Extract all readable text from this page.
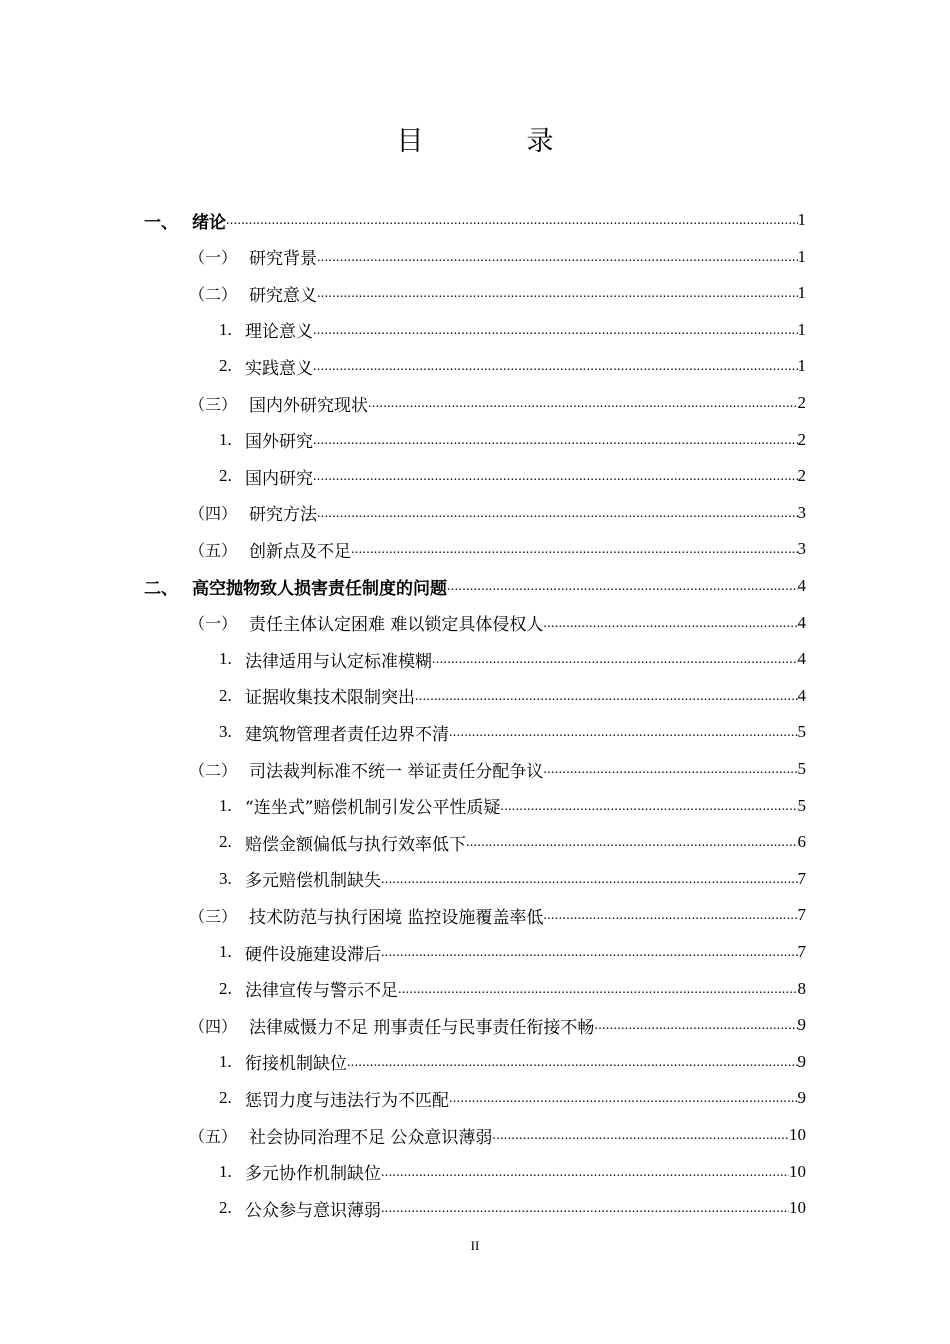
目　录
一、 绪论 .....	1
（一） 研究背景 .....	1
（二） 研究意义 .....	1
1. 理论意义 .....	1
2. 实践意义 .....	1
（三） 国内外研究现状 .....	2
1. 国外研究 .....	2
2. 国内研究 .....	2
（四） 研究方法 .....	3
（五） 创新点及不足 .....	3
二、 高空抛物致人损害责任制度的问题 .....	4
（一） 责任主体认定困难 难以锁定具体侵权人 .....	4
1. 法律适用与认定标准模糊 .....	4
2. 证据收集技术限制突出 .....	4
3. 建筑物管理者责任边界不清 .....	5
（二） 司法裁判标准不统一 举证责任分配争议 .....	5
1. “连坐式”赔偿机制引发公平性质疑 .....	5
2. 赔偿金额偏低与执行效率低下 .....	6
3. 多元赔偿机制缺失 .....	7
（三） 技术防范与执行困境 监控设施覆盖率低 .....	7
1. 硬件设施建设滞后 .....	7
2. 法律宣传与警示不足 .....	8
（四） 法律威慑力不足 刑事责任与民事责任衔接不畅 .....	9
1. 衔接机制缺位 .....	9
2. 惩罚力度与违法行为不匹配 .....	9
（五） 社会协同治理不足 公众意识薄弱 .....	10
1. 多元协作机制缺位 .....	10
2. 公众参与意识薄弱 .....	10
II
